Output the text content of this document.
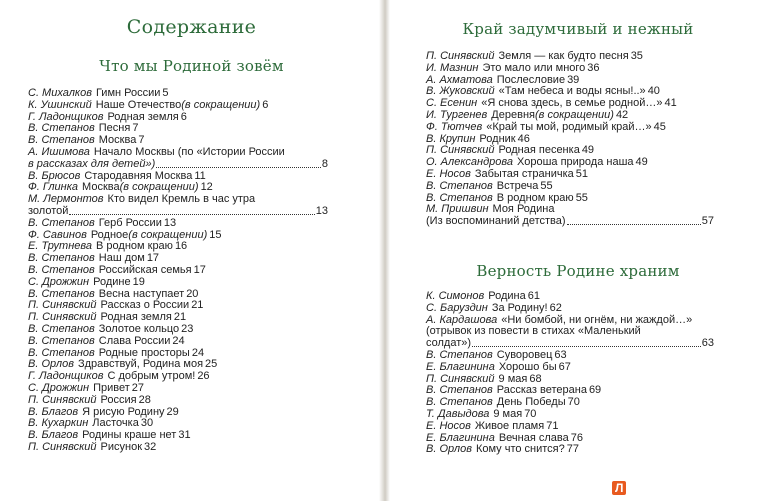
Содержание
Что мы Родиной зовём
С. Михалков Гимн России 5
К. Ушинский Наше Отечество (в сокращении) 6
Г. Ладонщиков Родная земля 6
В. Степанов Песня 7
В. Степанов Москва 7
А. Ишимова Начало Москвы (по «Истории России
в рассказах для детей»)	8
В. Брюсов Стародавняя Москва 11
Ф. Глинка Москва (в сокращении) 12
М. Лермонтов Кто видел Кремль в час утра
золотой	13
В. Степанов Герб России 13
Ф. Савинов Родное (в сокращении) 15
Е. Трутнева В родном краю 16
В. Степанов Наш дом 17
В. Степанов Российская семья 17
С. Дрожжин Родине 19
В. Степанов Весна наступает 20
П. Синявский Рассказ о России 21
П. Синявский Родная земля 21
В. Степанов Золотое кольцо 23
В. Степанов Слава России 24
В. Степанов Родные просторы 24
В. Орлов Здравствуй, Родина моя 25
Г. Ладонщиков С добрым утром! 26
С. Дрожжин Привет 27
П. Синявский Россия 28
В. Благов Я рисую Родину 29
В. Кухаркин Ласточка 30
В. Благов Родины краше нет 31
П. Синявский Рисунок 32
Край задумчивый и нежный
П. Синявский Земля — как будто песня 35
И. Мазнин Это мало или много 36
А. Ахматова Послесловие 39
В. Жуковский «Там небеса и воды ясны!..» 40
С. Есенин «Я снова здесь, в семье родной…» 41
И. Тургенев Деревня (в сокращении) 42
Ф. Тютчев «Край ты мой, родимый край…» 45
В. Крупин Родник 46
П. Синявский Родная песенка 49
О. Александрова Хороша природа наша 49
Е. Носов Забытая страничка 51
В. Степанов Встреча 55
В. Степанов В родном краю 55
М. Пришвин Моя Родина
(Из воспоминаний детства)	57
Верность Родине храним
К. Симонов Родина 61
С. Баруздин За Родину! 62
А. Кардашова «Ни бомбой, ни огнём, ни жаждой…»
(отрывок из повести в стихах «Маленький
солдат»)	63
В. Степанов Суворовец 63
Е. Благинина Хорошо бы 67
П. Синявский 9 мая 68
В. Степанов Рассказ ветерана 69
В. Степанов День Победы 70
Т. Давыдова 9 мая 70
Е. Носов Живое пламя 71
Е. Благинина Вечная слава 76
В. Орлов Кому что снится? 77
Л
